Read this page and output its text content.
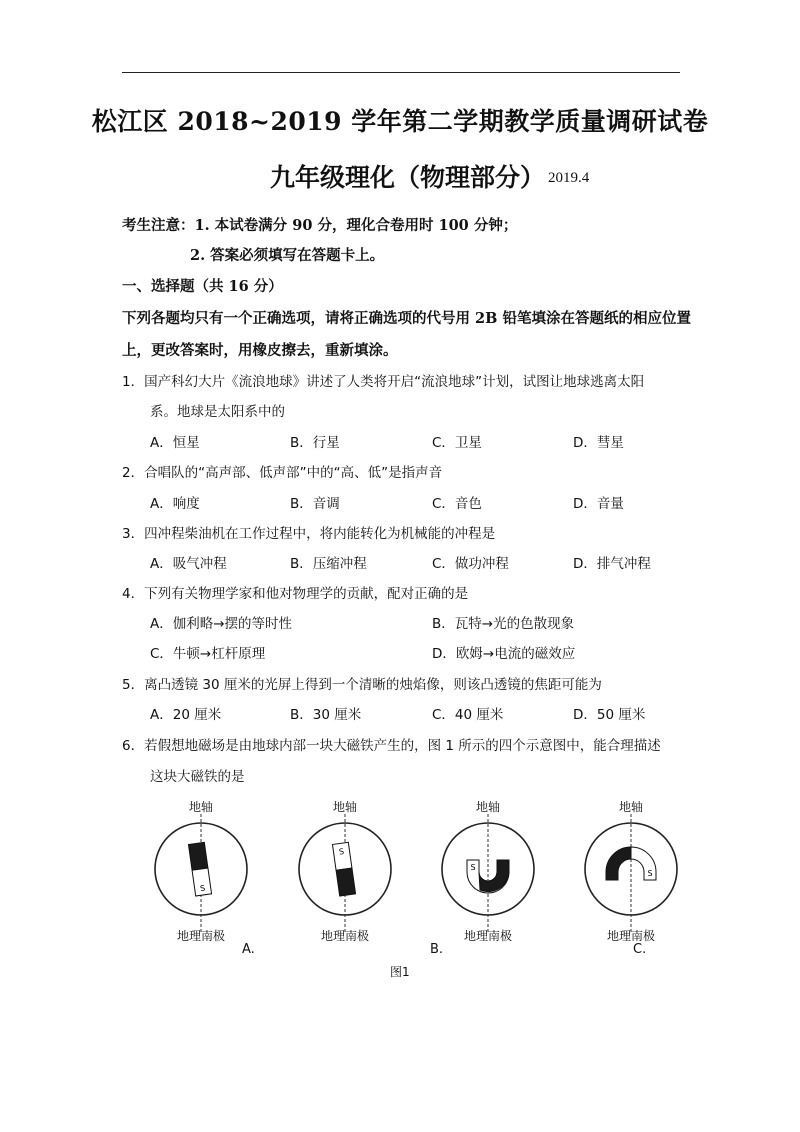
松江区 2018~2019 学年第二学期教学质量调研试卷
九年级理化（物理部分） 2019.4
考生注意：1. 本试卷满分 90 分，理化合卷用时 100 分钟；
2. 答案必须填写在答题卡上。
一、选择题（共 16 分）
下列各题均只有一个正确选项，请将正确选项的代号用 2B 铅笔填涂在答题纸的相应位置
上，更改答案时，用橡皮擦去，重新填涂。
1．国产科幻大片《流浪地球》讲述了人类将开启“流浪地球”计划，试图让地球逃离太阳
系。地球是太阳系中的
A．恒星	B．行星	C．卫星	D．彗星
2．合唱队的“高声部、低声部”中的“高、低”是指声音
A．响度	B．音调	C．音色	D．音量
3．四冲程柴油机在工作过程中，将内能转化为机械能的冲程是
A．吸气冲程	B．压缩冲程	C．做功冲程	D．排气冲程
4．下列有关物理学家和他对物理学的贡献，配对正确的是
A．伽利略→摆的等时性	B．瓦特→光的色散现象
C．牛顿→杠杆原理	D．欧姆→电流的磁效应
5．离凸透镜 30 厘米的光屏上得到一个清晰的烛焰像，则该凸透镜的焦距可能为
A．20 厘米	B．30 厘米	C．40 厘米	D．50 厘米
6．若假想地磁场是由地球内部一块大磁铁产生的，图 1 所示的四个示意图中，能合理描述
这块大磁铁的是
地轴
S
地理南极
地轴
S
地理南极
地轴
S
地理南极
地轴
S
地理南极
A.	B.	C.
图1
